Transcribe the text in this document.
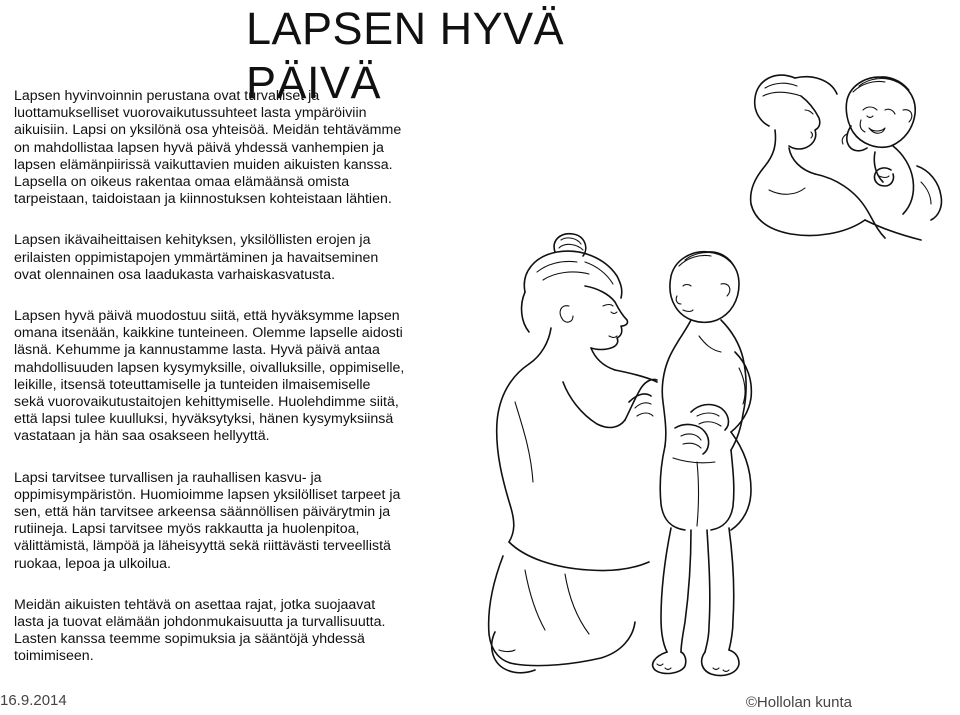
LAPSEN HYVÄ PÄIVÄ

Lapsen hyvinvoinnin perustana ovat turvalliset ja
luottamukselliset vuorovaikutussuhteet lasta ympäröiviin
aikuisiin. Lapsi on yksilönä osa yhteisöä. Meidän tehtävämme
on mahdollistaa lapsen hyvä päivä yhdessä vanhempien ja
lapsen elämänpiirissä vaikuttavien muiden aikuisten kanssa.
Lapsella on oikeus rakentaa omaa elämäänsä omista
tarpeistaan, taidoistaan ja kiinnostuksen kohteistaan lähtien.

Lapsen ikävaiheittaisen kehityksen, yksilöllisten erojen ja
erilaisten oppimistapojen ymmärtäminen ja havaitseminen
ovat olennainen osa laadukasta varhaiskasvatusta.

Lapsen hyvä päivä muodostuu siitä, että hyväksymme lapsen
omana itsenään, kaikkine tunteineen. Olemme lapselle aidosti
läsnä. Kehumme ja kannustamme lasta. Hyvä päivä antaa
mahdollisuuden lapsen kysymyksille, oivalluksille, oppimiselle,
leikille, itsensä toteuttamiselle ja tunteiden ilmaisemiselle
sekä vuorovaikutustaitojen kehittymiselle. Huolehdimme siitä,
että lapsi tulee kuulluksi, hyväksytyksi, hänen kysymyksiinsä
vastataan ja hän saa osakseen hellyyttä.

Lapsi tarvitsee turvallisen ja rauhallisen kasvu- ja
oppimisympäristön. Huomioimme lapsen yksilölliset tarpeet ja
sen, että hän tarvitsee arkeensa säännöllisen päivärytmin ja
rutiineja. Lapsi tarvitsee myös rakkautta ja huolenpitoa,
välittämistä, lämpöä ja läheisyyttä sekä riittävästi terveellistä
ruokaa, lepoa ja ulkoilua.

Meidän aikuisten tehtävä on asettaa rajat, jotka suojaavat
lasta ja tuovat elämään johdonmukaisuutta ja turvallisuutta.
Lasten kanssa teemme sopimuksia ja sääntöjä yhdessä
toimimiseen.

16.9.2014	©Hollolan kunta
